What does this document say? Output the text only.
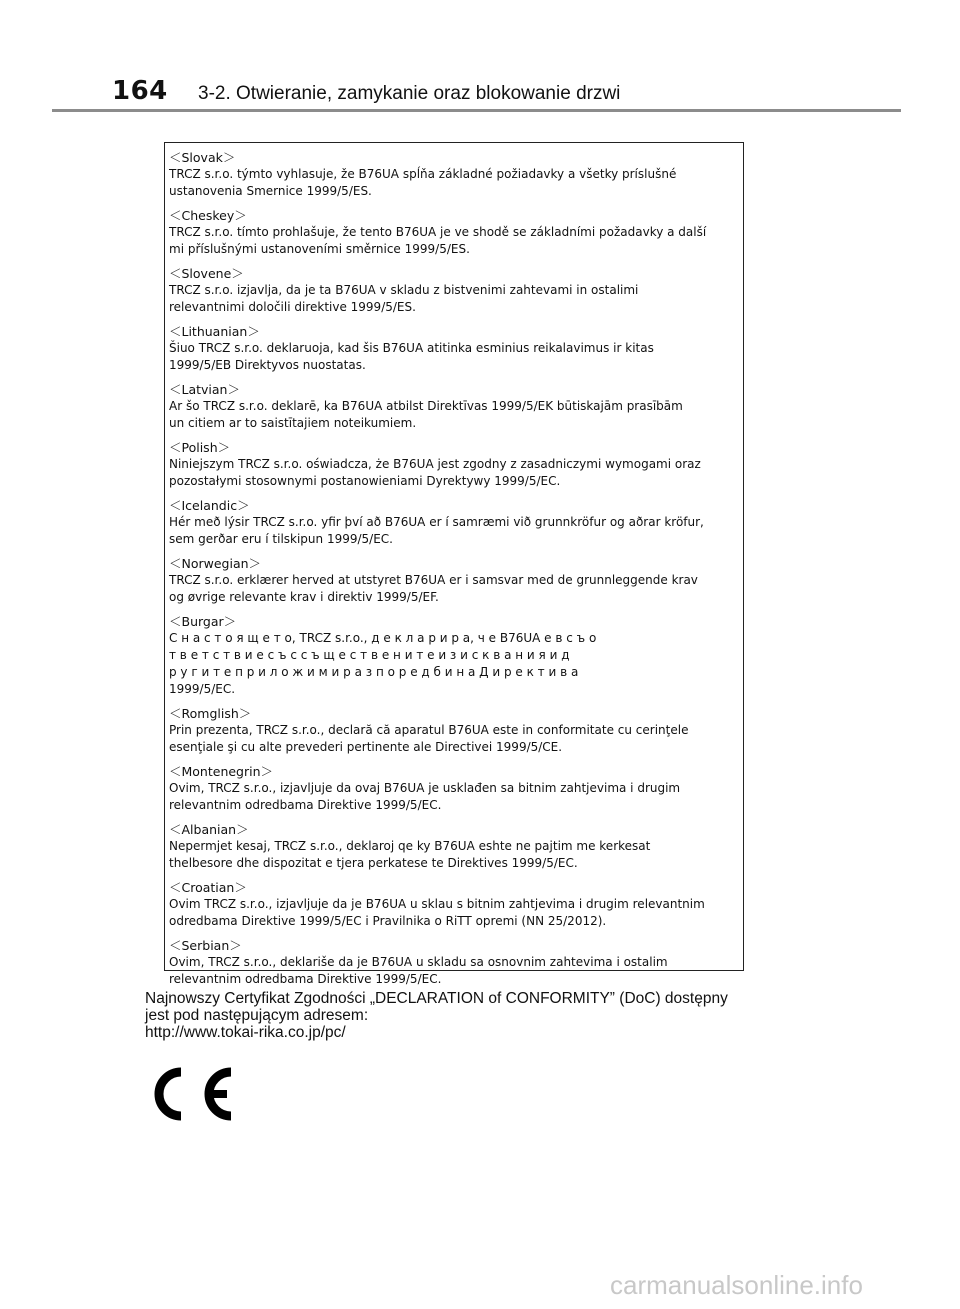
164 3-2. Otwieranie, zamykanie oraz blokowanie drzwi
＜Slovak＞
TRCZ s.r.o. týmto vyhlasuje, že B76UA spĺňa základné požiadavky a všetky príslušné
ustanovenia Smernice 1999/5/ES.
＜Cheskey＞
TRCZ s.r.o. tímto prohlašuje, že tento B76UA je ve shodě se základními požadavky a další
mi příslušnými ustanoveními směrnice 1999/5/ES.
＜Slovene＞
TRCZ s.r.o. izjavlja, da je ta B76UA v skladu z bistvenimi zahtevami in ostalimi
relevantnimi določili direktive 1999/5/ES.
＜Lithuanian＞
Šiuo TRCZ s.r.o. deklaruoja, kad šis B76UA atitinka esminius reikalavimus ir kitas
1999/5/EB Direktyvos nuostatas.
＜Latvian＞
Ar šo TRCZ s.r.o. deklarē, ka B76UA atbilst Direktīvas 1999/5/EK būtiskajām prasībām
un citiem ar to saistītajiem noteikumiem.
＜Polish＞
Niniejszym TRCZ s.r.o. oświadcza, że B76UA jest zgodny z zasadniczymi wymogami oraz
pozostałymi stosownymi postanowieniami Dyrektywy 1999/5/EC.
＜Icelandic＞
Hér með lýsir TRCZ s.r.o. yfir því að B76UA er í samræmi við grunnkröfur og aðrar kröfur,
sem gerðar eru í tilskipun 1999/5/EC.
＜Norwegian＞
TRCZ s.r.o. erklærer herved at utstyret B76UA er i samsvar med de grunnleggende krav
og øvrige relevante krav i direktiv 1999/5/EF.
＜Burgar＞
С н а с т о я щ е т о, TRCZ s.r.o., д е к л а р и р а, ч е B76UA е в с ъ о
т в е т с т в и е с ъ с с ъ щ е с т в е н и т е и з и с к в а н и я и д
р у г и т е п р и л о ж и м и р а з п о р е д б и н а Д и р е к т и в а
1999/5/ЕС.
＜Romglish＞
Prin prezenta, TRCZ s.r.o., declară că aparatul B76UA este in conformitate cu cerinţele
esenţiale şi cu alte prevederi pertinente ale Directivei 1999/5/CE.
＜Montenegrin＞
Ovim, TRCZ s.r.o., izjavljuje da ovaj B76UA je usklađen sa bitnim zahtjevima i drugim
relevantnim odredbama Direktive 1999/5/EC.
＜Albanian＞
Nepermjet kesaj, TRCZ s.r.o., deklaroj qe ky B76UA eshte ne pajtim me kerkesat
thelbesore dhe dispozitat e tjera perkatese te Direktives 1999/5/EC.
＜Croatian＞
Ovim TRCZ s.r.o., izjavljuje da je B76UA u sklau s bitnim zahtjevima i drugim relevantnim
odredbama Direktive 1999/5/EC i Pravilnika o RiTT opremi (NN 25/2012).
＜Serbian＞
Ovim, TRCZ s.r.o., deklariše da je B76UA u skladu sa osnovnim zahtevima i ostalim
relevantnim odredbama Direktive 1999/5/EC.
Najnowszy Certyfikat Zgodności „DECLARATION of CONFORMITY” (DoC) dostępny
jest pod następującym adresem:
http://www.tokai-rika.co.jp/pc/
carmanualsonline.info
